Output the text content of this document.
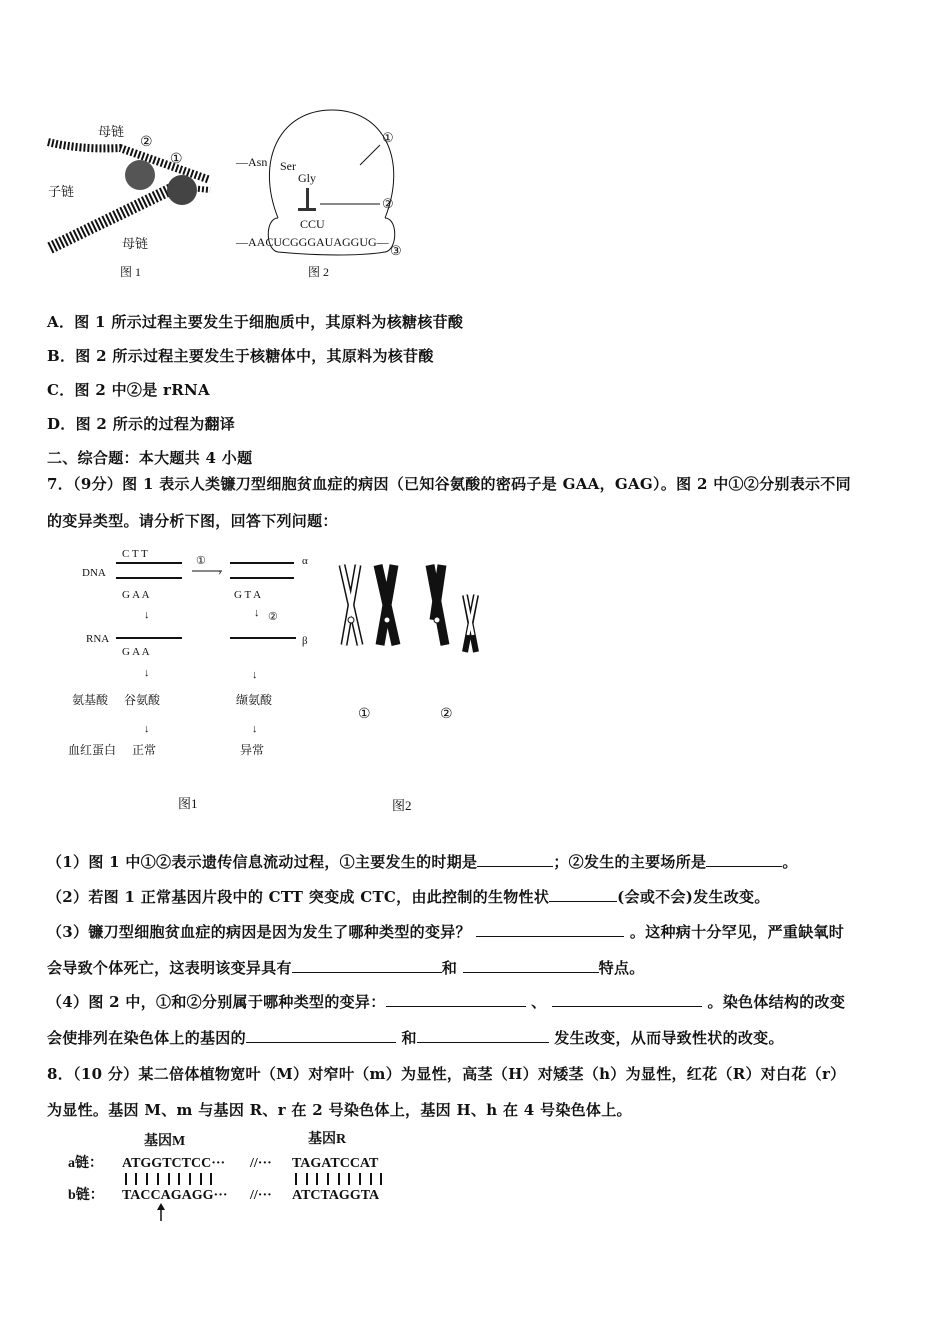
母链
②
①
子链
母链
图 1
—Asn Ser
Gly
CCU
—AACUCGGGAUAGGUG—
①
②
③
图 2
A．图 1 所示过程主要发生于细胞质中，其原料为核糖核苷酸
B．图 2 所示过程主要发生于核糖体中，其原料为核苷酸
C．图 2 中②是 rRNA
D．图 2 所示的过程为翻译
二、综合题：本大题共 4 小题
7．（9分）图 1 表示人类镰刀型细胞贫血症的病因（已知谷氨酸的密码子是 GAA，GAG）。图 2 中①②分别表示不同
的变异类型。请分析下图，回答下列问题：
DNA
C T T
G A A
↓
RNA
G A A
↓
氨基酸 谷氨酸
↓
血红蛋白 正常
①
›
α
G T A
↓ ②
β
↓
缬氨酸
↓
异常
图1
①	②
图2
（1）图 1 中①②表示遗传信息流动过程，①主要发生的时期是	；②发生的主要场所是	。
（2）若图 1 正常基因片段中的 CTT 突变成 CTC，由此控制的生物性状	(会或不会)发生改变。
（3）镰刀型细胞贫血症的病因是因为发生了哪种类型的变异？	。这种病十分罕见，严重缺氧时
会导致个体死亡，这表明该变异具有	和	特点。
（4）图 2 中，①和②分别属于哪种类型的变异：	、	。染色体结构的改变
会使排列在染色体上的基因的	和	发生改变，从而导致性状的改变。
8．（10 分）某二倍体植物宽叶（M）对窄叶（m）为显性，高茎（H）对矮茎（h）为显性，红花（R）对白花（r）
为显性。基因 M、m 与基因 R、r 在 2 号染色体上，基因 H、h 在 4 号染色体上。
基因M	基因R
a链： ATGGTCTCC··· //··· TAGATCCAT
b链： TACCAGAGG··· //··· ATCTAGGTA
